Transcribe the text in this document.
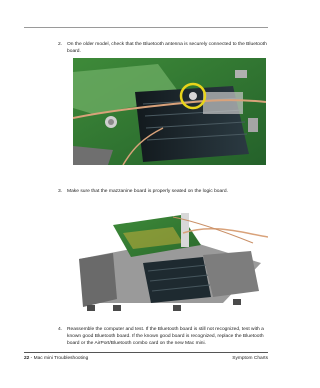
2. On the older model, check that the Bluetooth antenna is securely connected to the Bluetooth board.

3. Make sure that the mazzanine board is properly seated on the logic board.

4. Reassemble the computer and test. If the Bluetooth board is still not recognized, test with a known good Bluetooth board. If the known good board is recognized, replace the Bluetooth board or the AirPort/Bluetooth combo card on the new Mac mini.

22 - Mac mini Troubleshooting	Symptom Charts
